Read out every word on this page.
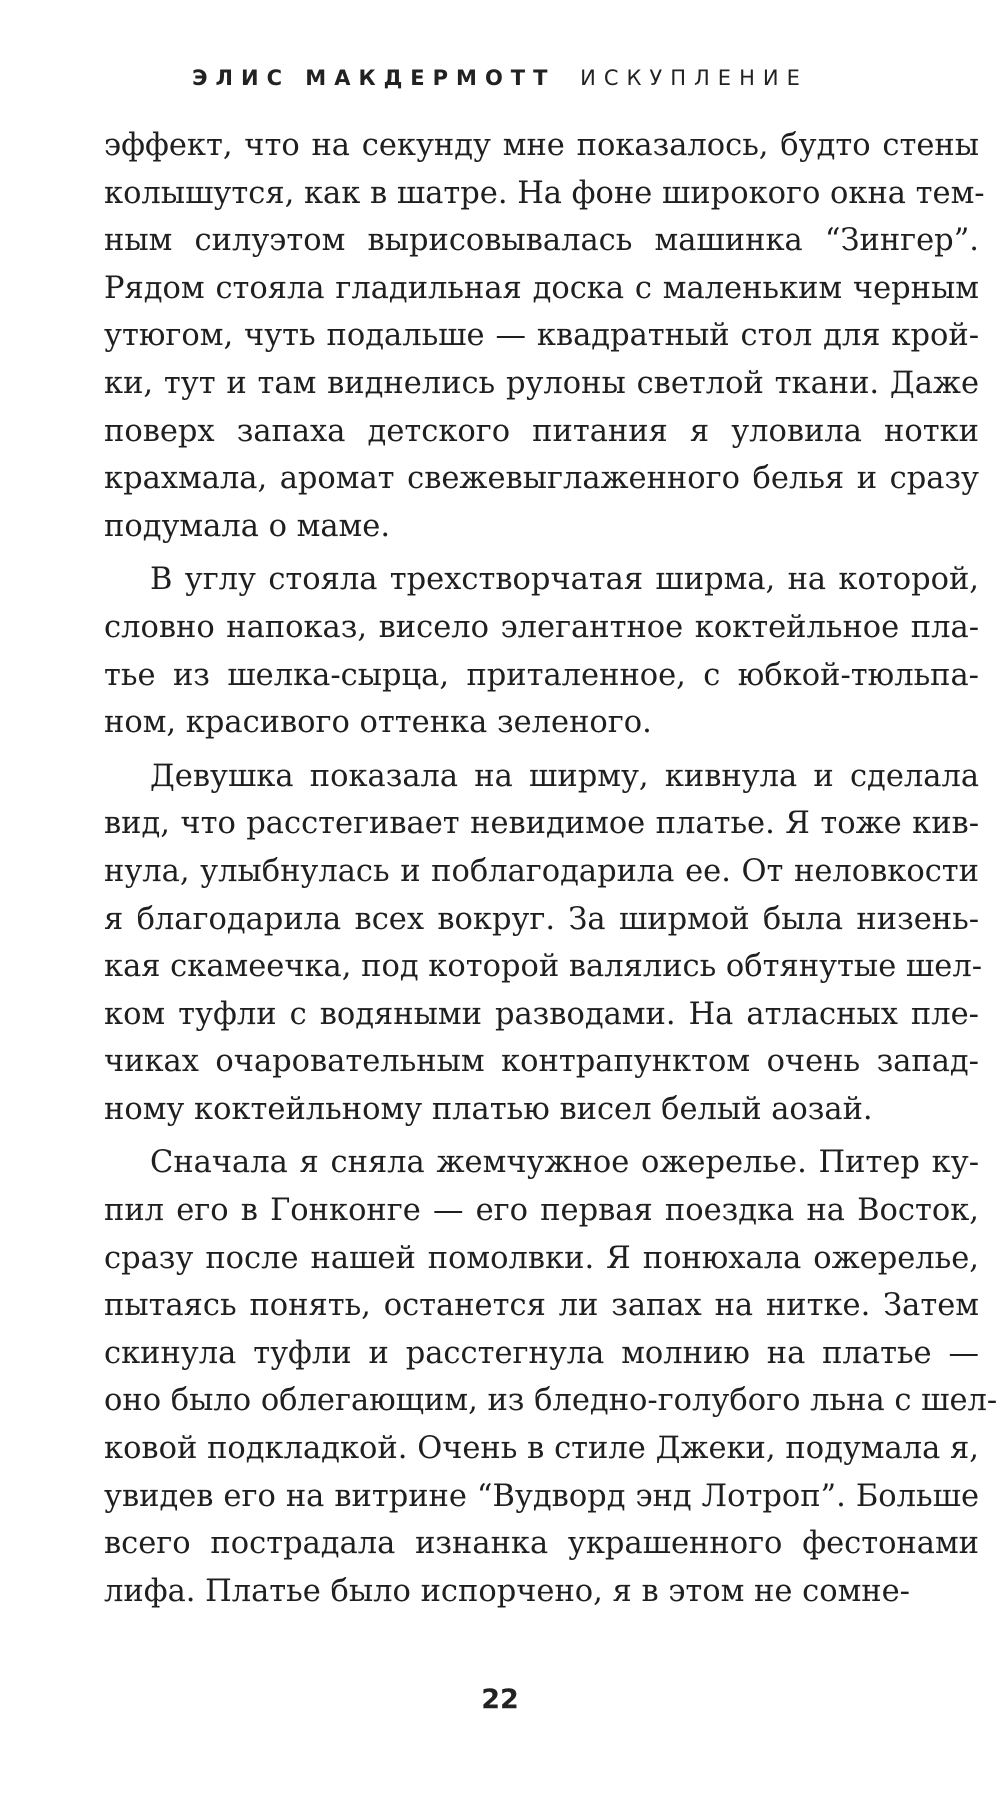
ЭЛИС МАКДЕРМОТТ ИСКУПЛЕНИЕ
эффект, что на секунду мне показалось, будто стены
колышутся, как в шатре. На фоне широкого окна тем-
ным силуэтом вырисовывалась машинка “Зингер”.
Рядом стояла гладильная доска с маленьким черным
утюгом, чуть подальше — квадратный стол для крой-
ки, тут и там виднелись рулоны светлой ткани. Даже
поверх запаха детского питания я уловила нотки
крахмала, аромат свежевыглаженного белья и сразу
подумала о маме.
В углу стояла трехстворчатая ширма, на которой,
словно напоказ, висело элегантное коктейльное пла-
тье из шелка-сырца, приталенное, с юбкой-тюльпа-
ном, красивого оттенка зеленого.
Девушка показала на ширму, кивнула и сделала
вид, что расстегивает невидимое платье. Я тоже кив-
нула, улыбнулась и поблагодарила ее. От неловкости
я благодарила всех вокруг. За ширмой была низень-
кая скамеечка, под которой валялись обтянутые шел-
ком туфли с водяными разводами. На атласных пле-
чиках очаровательным контрапунктом очень запад-
ному коктейльному платью висел белый аозай.
Сначала я сняла жемчужное ожерелье. Питер ку-
пил его в Гонконге — его первая поездка на Восток,
сразу после нашей помолвки. Я понюхала ожерелье,
пытаясь понять, останется ли запах на нитке. Затем
скинула туфли и расстегнула молнию на платье —
оно было облегающим, из бледно-голубого льна с шел-
ковой подкладкой. Очень в стиле Джеки, подумала я,
увидев его на витрине “Вудворд энд Лотроп”. Больше
всего пострадала изнанка украшенного фестонами
лифа. Платье было испорчено, я в этом не сомне-
22
